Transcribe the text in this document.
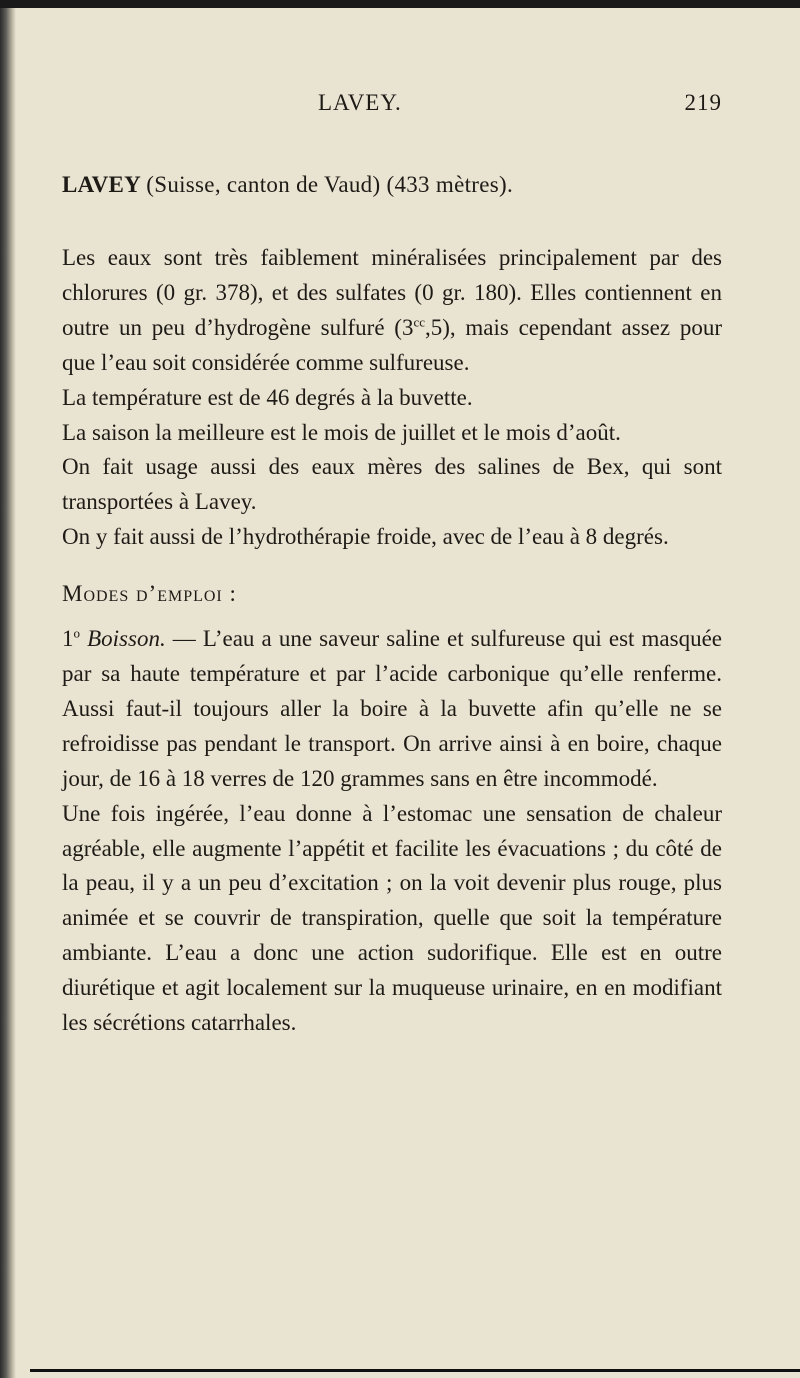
LAVEY.	219
LAVEY (Suisse, canton de Vaud) (433 mètres).

Les eaux sont très faiblement minéralisées principalement par des chlorures (0 gr. 378), et des sulfates (0 gr. 180). Elles contiennent en outre un peu d’hydrogène sulfuré $(3^{cc},5)$, mais cependant assez pour que l’eau soit considérée comme sulfureuse.

La température est de 46 degrés à la buvette.

La saison la meilleure est le mois de juillet et le mois d’août.

On fait usage aussi des eaux mères des salines de Bex, qui sont transportées à Lavey.

On y fait aussi de l’hydrothérapie froide, avec de l’eau à 8 degrés.

Modes d’emploi :

1$^o$ Boisson. — L’eau a une saveur saline et sulfureuse qui est masquée par sa haute température et par l’acide carbonique qu’elle renferme. Aussi faut-il toujours aller la boire à la buvette afin qu’elle ne se refroidisse pas pendant le transport. On arrive ainsi à en boire, chaque jour, de 16 à 18 verres de 120 grammes sans en être incommodé.

Une fois ingérée, l’eau donne à l’estomac une sensation de chaleur agréable, elle augmente l’appétit et facilite les évacuations ; du côté de la peau, il y a un peu d’excitation ; on la voit devenir plus rouge, plus animée et se couvrir de transpiration, quelle que soit la température ambiante. L’eau a donc une action sudorifique. Elle est en outre diurétique et agit localement sur la muqueuse urinaire, en en modifiant les sécrétions catarrhales.
